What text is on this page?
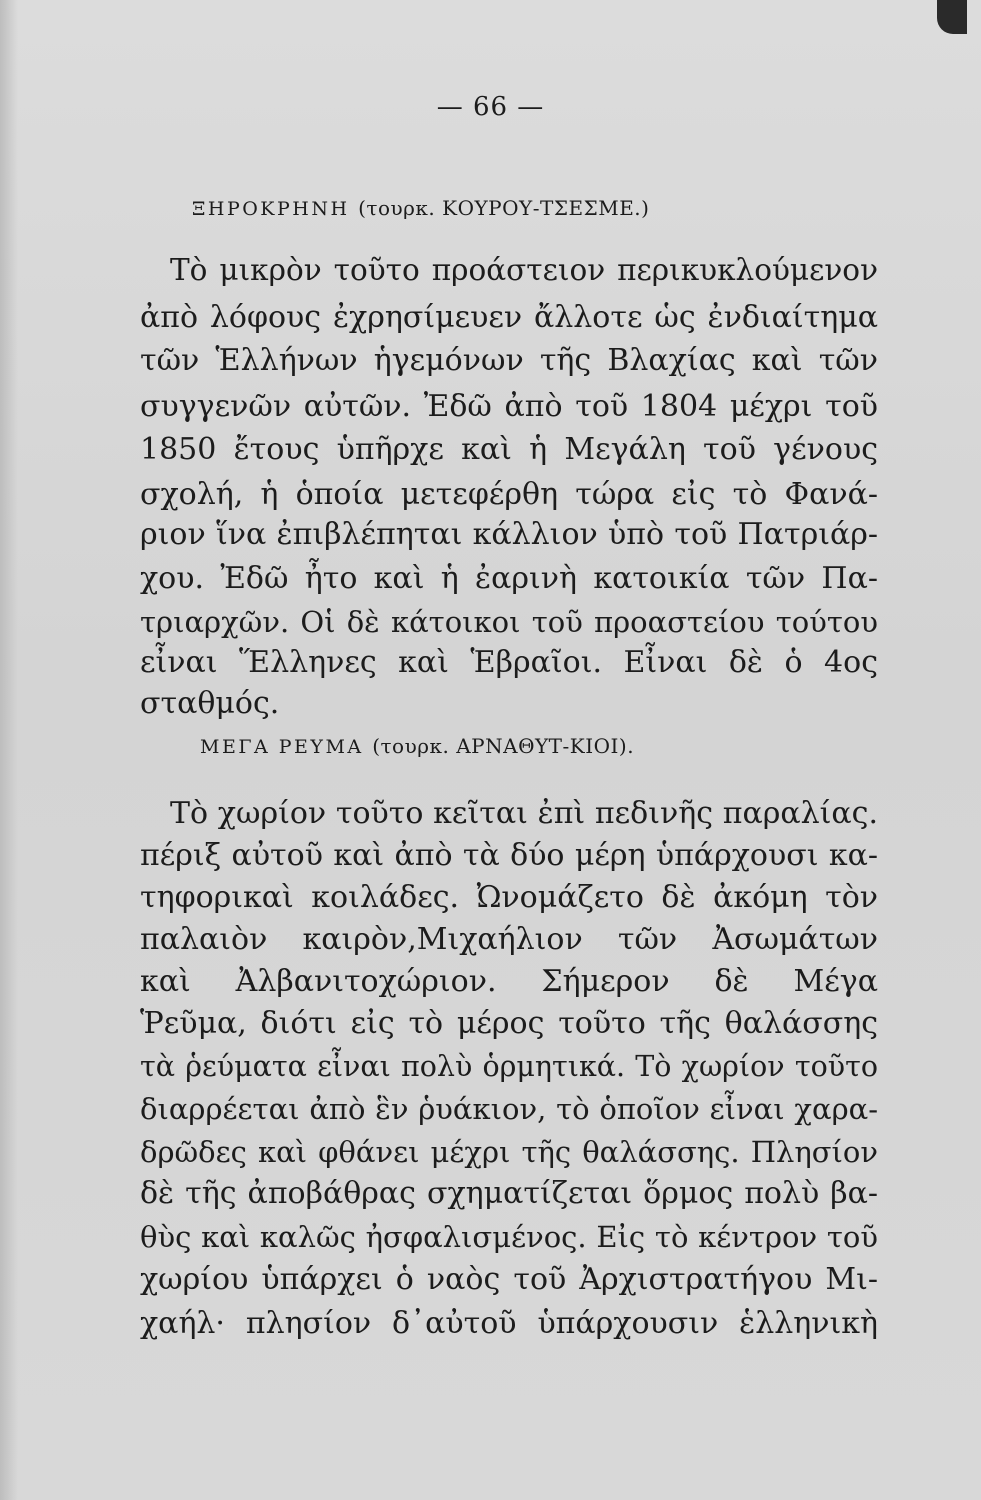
— 66 —
ΞΗΡΟΚΡΗΝΗ (τουρκ. ΚΟΥΡΟΥ-ΤΣΕΣΜΕ.)
Τὸ μικρὸν τοῦτο προάστειον περικυκλούμενον
ἀπὸ λόφους ἐχρησίμευεν ἄλλοτε ὡς ἐνδιαίτημα
τῶν Ἑλλήνων ἡγεμόνων τῆς Βλαχίας καὶ τῶν
συγγενῶν αὐτῶν. Ἐδῶ ἀπὸ τοῦ 1804 μέχρι τοῦ
1850 ἔτους ὑπῆρχε καὶ ἡ Μεγάλη τοῦ γένους
σχολή, ἡ ὁποία μετεφέρθη τώρα εἰς τὸ Φανά-
ριον ἵνα ἐπιβλέπηται κάλλιον ὑπὸ τοῦ Πατριάρ-
χου. Ἐδῶ ἦτο καὶ ἡ ἐαρινὴ κατοικία τῶν Πα-
τριαρχῶν. Οἱ δὲ κάτοικοι τοῦ προαστείου τούτου
εἶναι Ἕλληνες καὶ Ἑβραῖοι. Εἶναι δὲ ὁ 4ος
σταθμός.
ΜΕΓΑ ΡΕΥΜΑ (τουρκ. ΑΡΝΑΘΥΤ-ΚΙΟΙ).
Τὸ χωρίον τοῦτο κεῖται ἐπὶ πεδινῆς παραλίας.
πέριξ αὐτοῦ καὶ ἀπὸ τὰ δύο μέρη ὑπάρχουσι κα-
τηφορικαὶ κοιλάδες. Ὠνομάζετο δὲ ἀκόμη τὸν
παλαιὸν καιρὸν,Μιχαήλιον τῶν Ἀσωμάτων
καὶ Ἀλβανιτοχώριον. Σήμερον δὲ Μέγα
Ῥεῦμα, διότι εἰς τὸ μέρος τοῦτο τῆς θαλάσσης
τὰ ῥεύματα εἶναι πολὺ ὁρμητικά. Τὸ χωρίον τοῦτο
διαρρέεται ἀπὸ ἓν ῥυάκιον, τὸ ὁποῖον εἶναι χαρα-
δρῶδες καὶ φθάνει μέχρι τῆς θαλάσσης. Πλησίον
δὲ τῆς ἀποβάθρας σχηματίζεται ὅρμος πολὺ βα-
θὺς καὶ καλῶς ἠσφαλισμένος. Εἰς τὸ κέντρον τοῦ
χωρίου ὑπάρχει ὁ ναὸς τοῦ Ἀρχιστρατήγου Μι-
χαήλ· πλησίον δ᾽αὐτοῦ ὑπάρχουσιν ἑλληνικὴ
